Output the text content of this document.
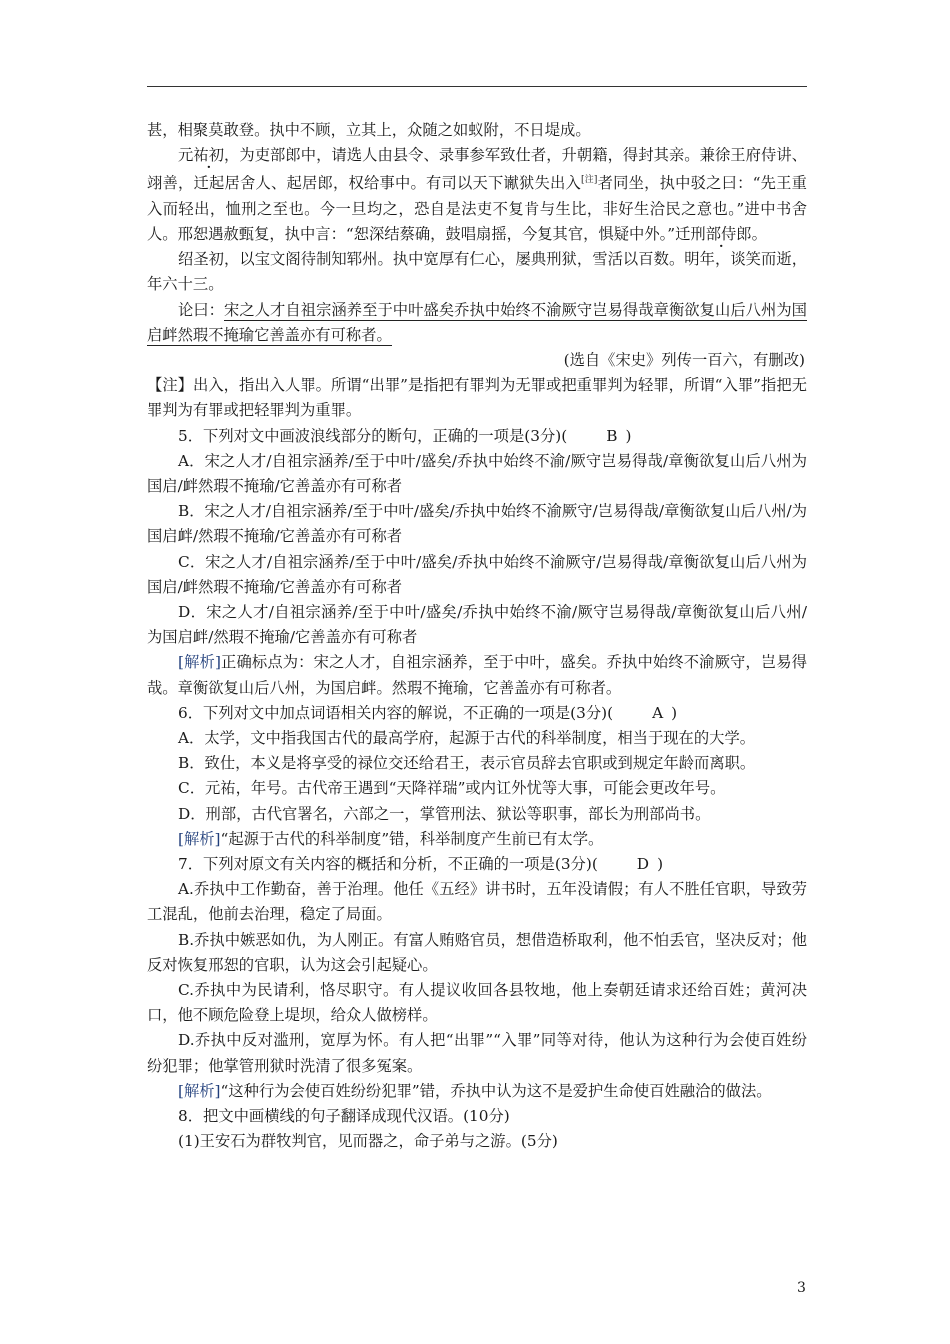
甚，相聚莫敢登。执中不顾，立其上，众随之如蚁附，不日堤成。

元祐初，为吏部郎中，请选人由县令、录事参军致仕者，升朝籍，得封其亲。兼徐王府侍讲、翊善，迁起居舍人、起居郎，权给事中。有司以天下谳狱失出入[注]者同坐，执中驳之曰：“先王重入而轻出，恤刑之至也。今一旦均之，恐自是法吏不复肯与生比，非好生洽民之意也。”进中书舍人。邢恕遇赦甄复，执中言：“恕深结蔡确，鼓唱扇摇，今复其官，惧疑中外。”迁刑部侍郎。

绍圣初，以宝文阁待制知郓州。执中宽厚有仁心，屡典刑狱，雪活以百数。明年，谈笑而逝，年六十三。

论曰：宋之人才自祖宗涵养至于中叶盛矣乔执中始终不渝厥守岂易得哉章衡欲复山后八州为国启衅然瑕不掩瑜它善盖亦有可称者。

(选自《宋史》列传一百六，有删改)

【注】出入，指出入人罪。所谓“出罪”是指把有罪判为无罪或把重罪判为轻罪，所谓“入罪”指把无罪判为有罪或把轻罪判为重罪。

5．下列对文中画波浪线部分的断句，正确的一项是(3分)(	B )

A．宋之人才/自祖宗涵养/至于中叶/盛矣/乔执中始终不渝/厥守岂易得哉/章衡欲复山后八州为国启/衅然瑕不掩瑜/它善盖亦有可称者

B．宋之人才/自祖宗涵养/至于中叶/盛矣/乔执中始终不渝厥守/岂易得哉/章衡欲复山后八州/为国启衅/然瑕不掩瑜/它善盖亦有可称者

C．宋之人才/自祖宗涵养/至于中叶/盛矣/乔执中始终不渝厥守/岂易得哉/章衡欲复山后八州为国启/衅然瑕不掩瑜/它善盖亦有可称者

D．宋之人才/自祖宗涵养/至于中叶/盛矣/乔执中始终不渝/厥守岂易得哉/章衡欲复山后八州/为国启衅/然瑕不掩瑜/它善盖亦有可称者

[解析]正确标点为：宋之人才，自祖宗涵养，至于中叶，盛矣。乔执中始终不渝厥守，岂易得哉。章衡欲复山后八州，为国启衅。然瑕不掩瑜，它善盖亦有可称者。

6．下列对文中加点词语相关内容的解说，不正确的一项是(3分)(	A )

A．太学，文中指我国古代的最高学府，起源于古代的科举制度，相当于现在的大学。

B．致仕，本义是将享受的禄位交还给君王，表示官员辞去官职或到规定年龄而离职。

C．元祐，年号。古代帝王遇到“天降祥瑞”或内讧外忧等大事，可能会更改年号。

D．刑部，古代官署名，六部之一，掌管刑法、狱讼等职事，部长为刑部尚书。

[解析]“起源于古代的科举制度”错，科举制度产生前已有太学。

7．下列对原文有关内容的概括和分析，不正确的一项是(3分)(	D )

A.乔执中工作勤奋，善于治理。他任《五经》讲书时，五年没请假；有人不胜任官职，导致劳工混乱，他前去治理，稳定了局面。

B.乔执中嫉恶如仇，为人刚正。有富人贿赂官员，想借造桥取利，他不怕丢官，坚决反对；他反对恢复邢恕的官职，认为这会引起疑心。

C.乔执中为民请利，恪尽职守。有人提议收回各县牧地，他上奏朝廷请求还给百姓；黄河决口，他不顾危险登上堤坝，给众人做榜样。

D.乔执中反对滥刑，宽厚为怀。有人把“出罪”“入罪”同等对待，他认为这种行为会使百姓纷纷犯罪；他掌管刑狱时洗清了很多冤案。

[解析]“这种行为会使百姓纷纷犯罪”错，乔执中认为这不是爱护生命使百姓融洽的做法。

8．把文中画横线的句子翻译成现代汉语。(10分)

(1)王安石为群牧判官，见而器之，命子弟与之游。(5分)

3
